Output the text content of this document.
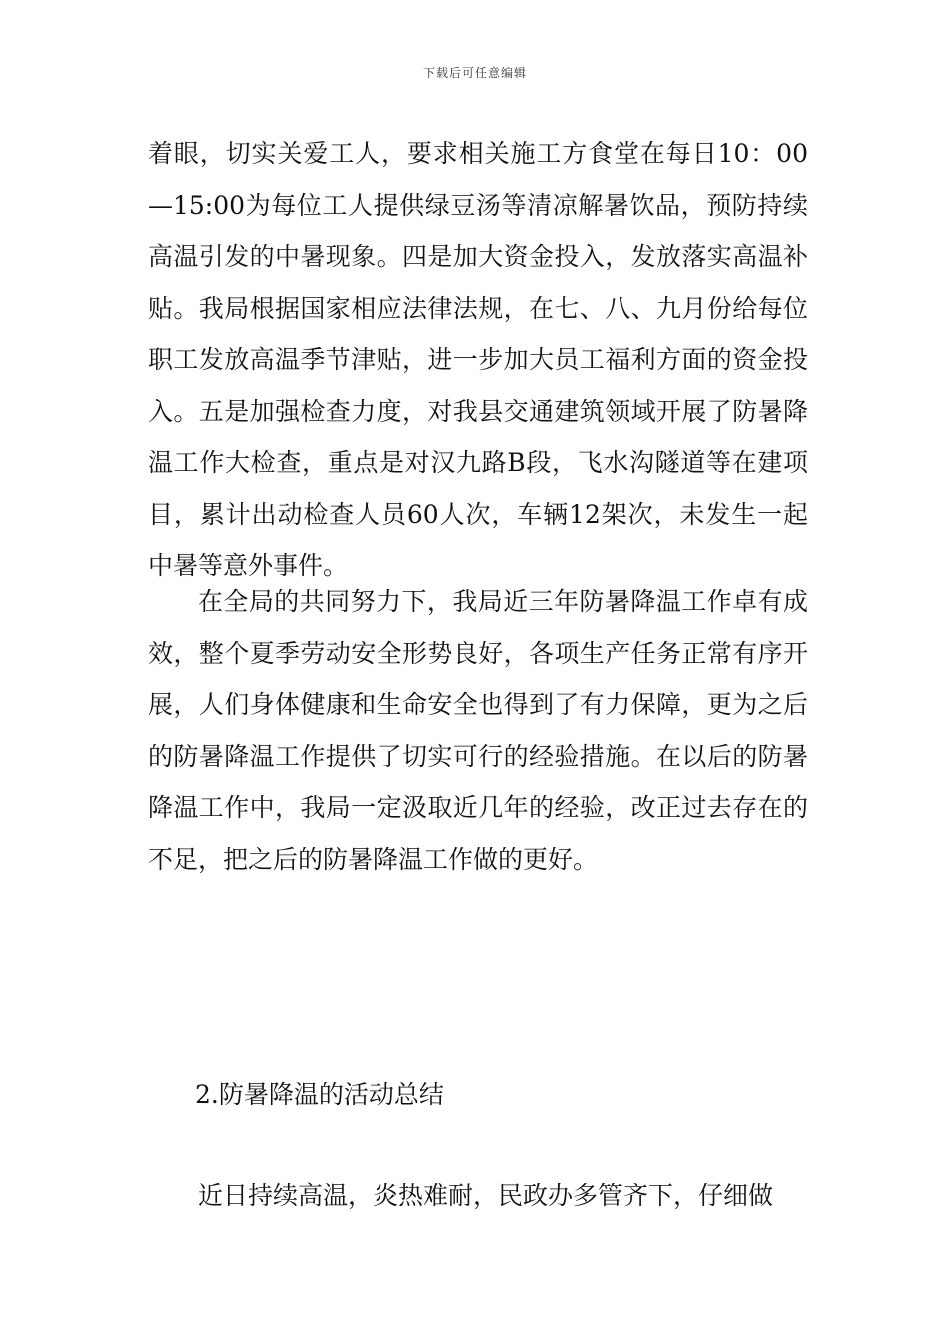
下载后可任意编辑

着眼，切实关爱工人，要求相关施工方食堂在每日10：00—15:00为每位工人提供绿豆汤等清凉解暑饮品，预防持续高温引发的中暑现象。四是加大资金投入，发放落实高温补贴。我局根据国家相应法律法规，在七、八、九月份给每位职工发放高温季节津贴，进一步加大员工福利方面的资金投入。五是加强检查力度，对我县交通建筑领域开展了防暑降温工作大检查，重点是对汉九路B段，飞水沟隧道等在建项目，累计出动检查人员60人次，车辆12架次，未发生一起中暑等意外事件。

在全局的共同努力下，我局近三年防暑降温工作卓有成效，整个夏季劳动安全形势良好，各项生产任务正常有序开展，人们身体健康和生命安全也得到了有力保障，更为之后的防暑降温工作提供了切实可行的经验措施。在以后的防暑降温工作中，我局一定汲取近几年的经验，改正过去存在的不足，把之后的防暑降温工作做的更好。

2.防暑降温的活动总结

近日持续高温，炎热难耐，民政办多管齐下，仔细做
